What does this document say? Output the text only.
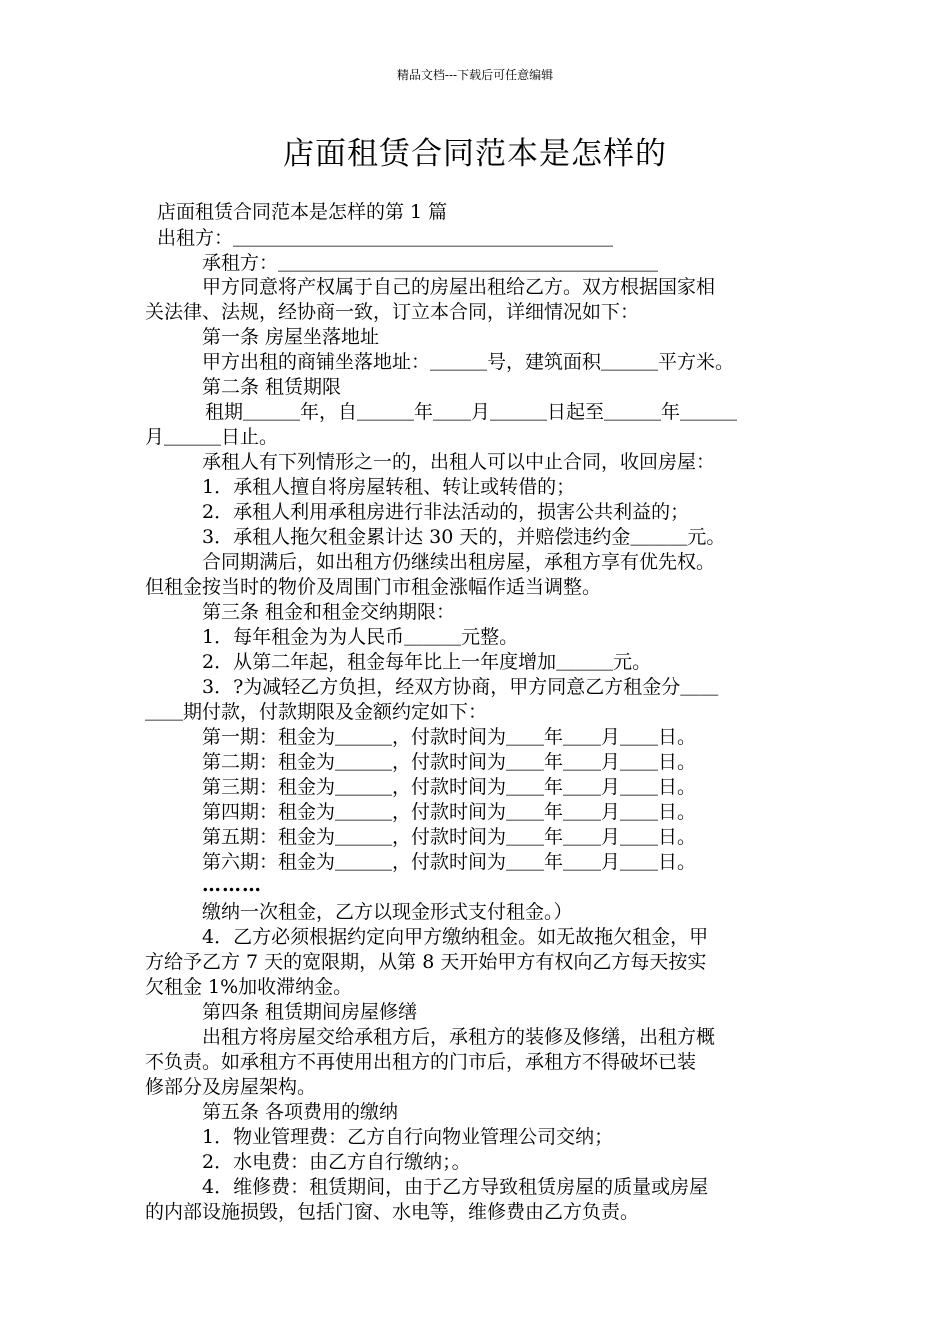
精品文档---下载后可任意编辑
店面租赁合同范本是怎样的
店面租赁合同范本是怎样的第 1 篇
出租方：＿＿＿＿＿＿＿＿＿＿＿＿＿＿＿＿＿＿＿＿
承租方：＿＿＿＿＿＿＿＿＿＿＿＿＿＿＿＿＿＿＿＿
甲方同意将产权属于自己的房屋出租给乙方。双方根据国家相
关法律、法规，经协商一致，订立本合同，详细情况如下：
第一条 房屋坐落地址
甲方出租的商铺坐落地址：＿＿＿号，建筑面积＿＿＿平方米。
第二条 租赁期限
租期＿＿＿年，自＿＿＿年＿＿月＿＿＿日起至＿＿＿年＿＿＿
月＿＿＿日止。
承租人有下列情形之一的，出租人可以中止合同，收回房屋：
1．承租人擅自将房屋转租、转让或转借的；
2．承租人利用承租房进行非法活动的，损害公共利益的；
3．承租人拖欠租金累计达 30 天的，并赔偿违约金＿＿＿元。
合同期满后，如出租方仍继续出租房屋，承租方享有优先权。
但租金按当时的物价及周围门市租金涨幅作适当调整。
第三条 租金和租金交纳期限：
1．每年租金为为人民币＿＿＿元整。
2．从第二年起，租金每年比上一年度增加＿＿＿元。
3．?为减轻乙方负担，经双方协商，甲方同意乙方租金分＿＿
＿＿期付款，付款期限及金额约定如下：
第一期：租金为＿＿＿，付款时间为＿＿年＿＿月＿＿日。
第二期：租金为＿＿＿，付款时间为＿＿年＿＿月＿＿日。
第三期：租金为＿＿＿，付款时间为＿＿年＿＿月＿＿日。
第四期：租金为＿＿＿，付款时间为＿＿年＿＿月＿＿日。
第五期：租金为＿＿＿，付款时间为＿＿年＿＿月＿＿日。
第六期：租金为＿＿＿，付款时间为＿＿年＿＿月＿＿日。
………
缴纳一次租金，乙方以现金形式支付租金。）
4．乙方必须根据约定向甲方缴纳租金。如无故拖欠租金，甲
方给予乙方 7 天的宽限期，从第 8 天开始甲方有权向乙方每天按实
欠租金 1%加收滞纳金。
第四条 租赁期间房屋修缮
出租方将房屋交给承租方后，承租方的装修及修缮，出租方概
不负责。如承租方不再使用出租方的门市后，承租方不得破坏已装
修部分及房屋架构。
第五条 各项费用的缴纳
1．物业管理费：乙方自行向物业管理公司交纳；
2．水电费：由乙方自行缴纳；。
4．维修费：租赁期间，由于乙方导致租赁房屋的质量或房屋
的内部设施损毁，包括门窗、水电等，维修费由乙方负责。
